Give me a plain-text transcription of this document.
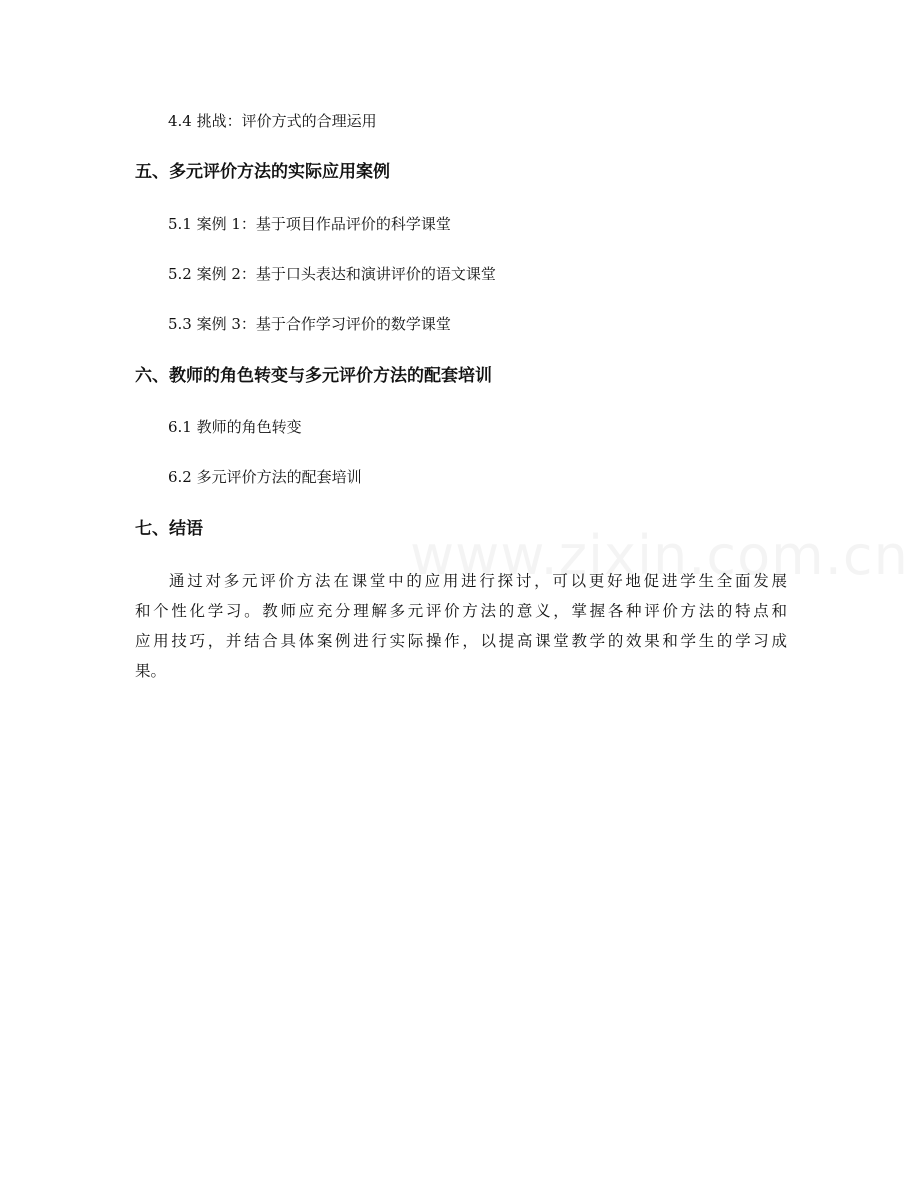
4.4 挑战：评价方式的合理运用
五、多元评价方法的实际应用案例
5.1 案例 1：基于项目作品评价的科学课堂
5.2 案例 2：基于口头表达和演讲评价的语文课堂
5.3 案例 3：基于合作学习评价的数学课堂
六、教师的角色转变与多元评价方法的配套培训
6.1 教师的角色转变
6.2 多元评价方法的配套培训
七、结语
通过对多元评价方法在课堂中的应用进行探讨，可以更好地促进学生全面发展
和个性化学习。教师应充分理解多元评价方法的意义，掌握各种评价方法的特点和
应用技巧，并结合具体案例进行实际操作，以提高课堂教学的效果和学生的学习成
果。
